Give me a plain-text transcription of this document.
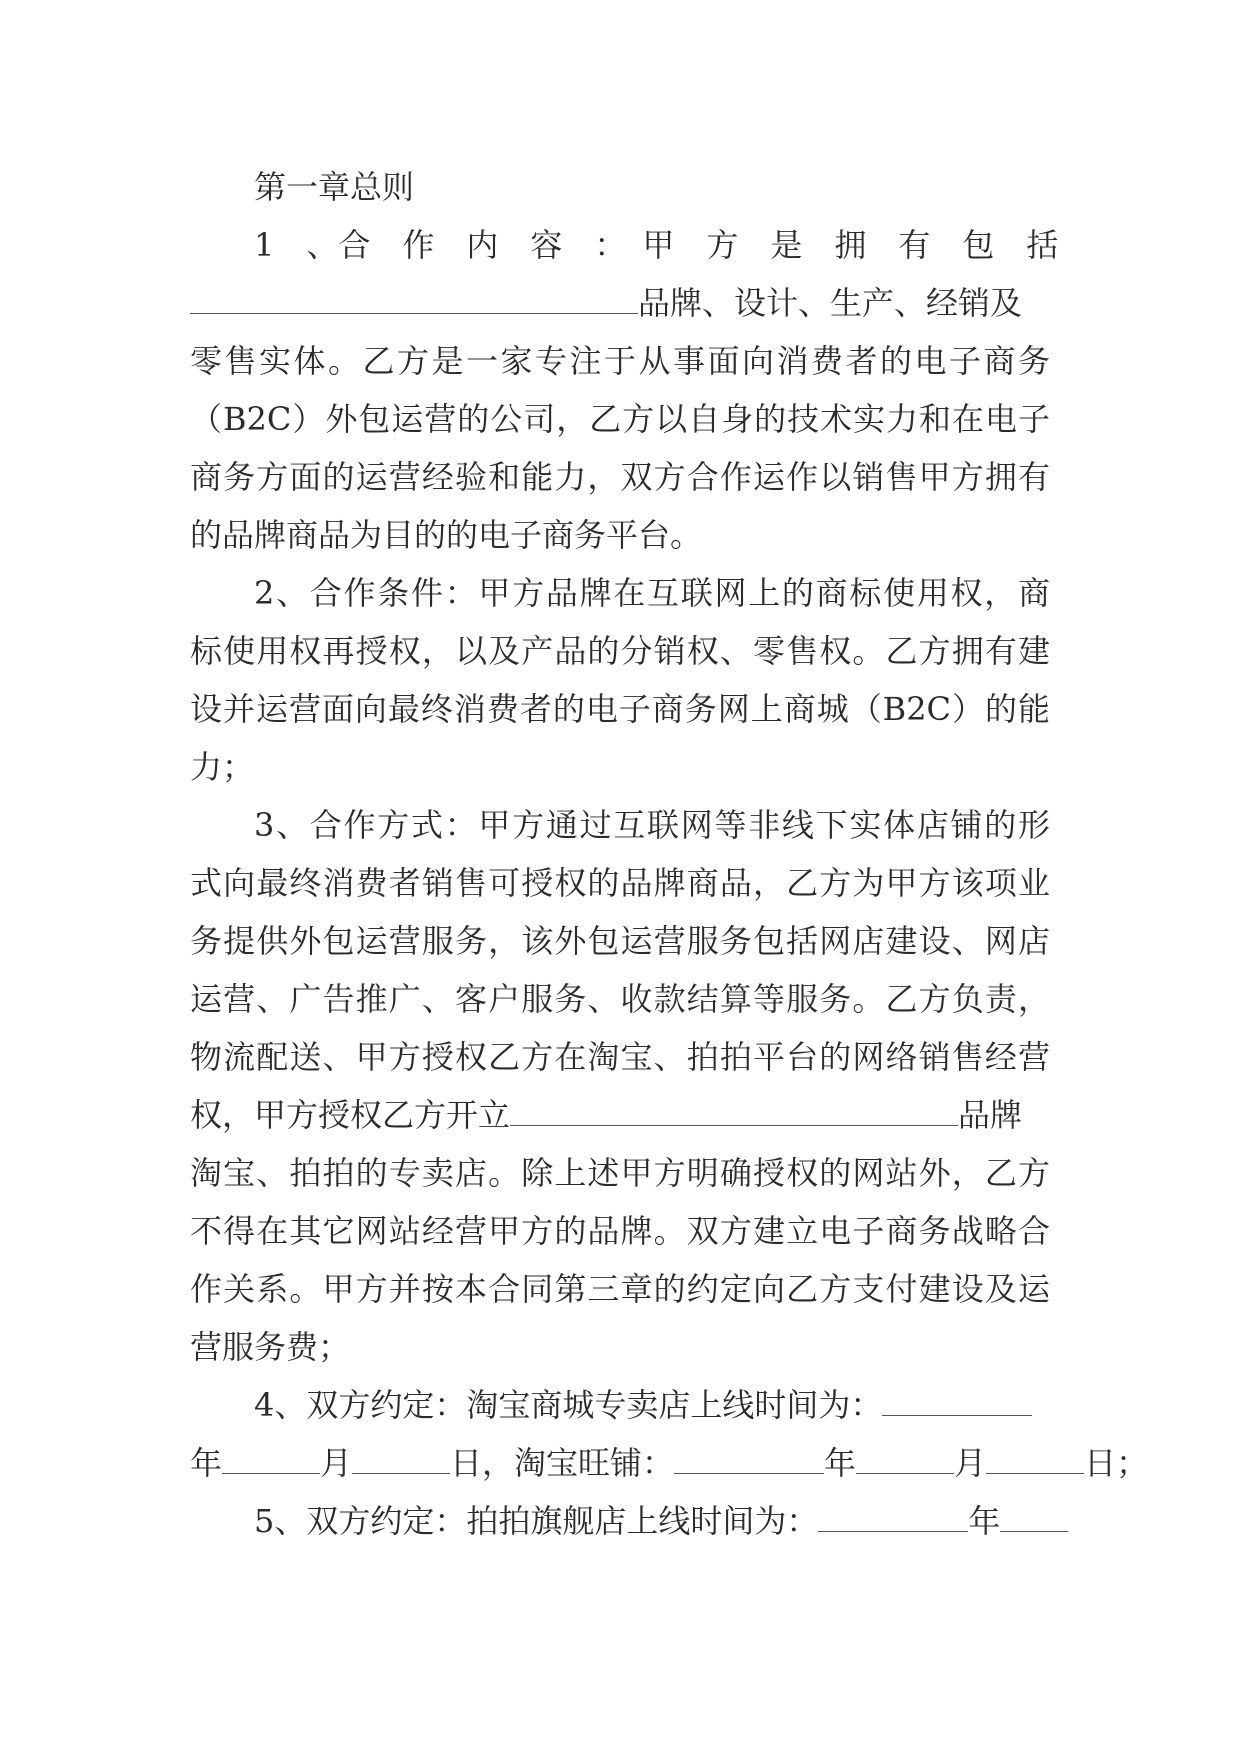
第一章总则
1　、合　作　内　容　：　甲　方　是　拥　有　包　括
品牌、设计、生产、经销及
零售实体。乙方是一家专注于从事面向消费者的电子商务
（B2C）外包运营的公司，乙方以自身的技术实力和在电子
商务方面的运营经验和能力，双方合作运作以销售甲方拥有
的品牌商品为目的的电子商务平台。
2、合作条件：甲方品牌在互联网上的商标使用权，商
标使用权再授权，以及产品的分销权、零售权。乙方拥有建
设并运营面向最终消费者的电子商务网上商城（B2C）的能
力；
3、合作方式：甲方通过互联网等非线下实体店铺的形
式向最终消费者销售可授权的品牌商品，乙方为甲方该项业
务提供外包运营服务，该外包运营服务包括网店建设、网店
运营、广告推广、客户服务、收款结算等服务。乙方负责，
物流配送、甲方授权乙方在淘宝、拍拍平台的网络销售经营
权，甲方授权乙方开立	品牌
淘宝、拍拍的专卖店。除上述甲方明确授权的网站外，乙方
不得在其它网站经营甲方的品牌。双方建立电子商务战略合
作关系。甲方并按本合同第三章的约定向乙方支付建设及运
营服务费；
4、双方约定：淘宝商城专卖店上线时间为：
年	月	日，淘宝旺铺：	年	月	日；
5、双方约定：拍拍旗舰店上线时间为：	年
